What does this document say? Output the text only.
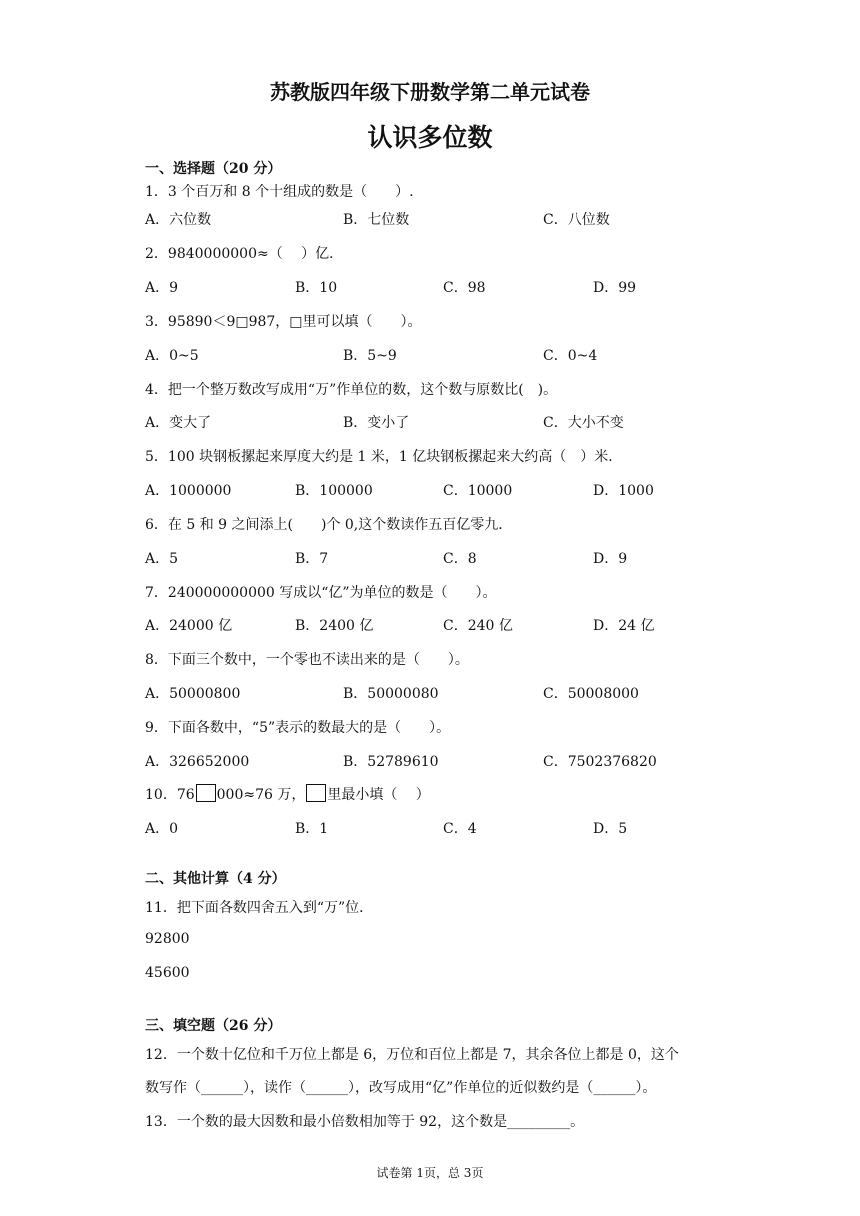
苏教版四年级下册数学第二单元试卷
认识多位数
一、选择题（20 分）
1．3 个百万和 8 个十组成的数是（　　）.
A．六位数	B．七位数	C．八位数
2．9840000000≈（　 ）亿．
A．9	B．10	C．98	D．99
3．95890＜9□987，□里可以填（　　）。
A．0~5	B．5~9	C．0~4
4．把一个整万数改写成用“万”作单位的数，这个数与原数比(　)。
A．变大了	B．变小了	C．大小不变
5．100 块钢板摞起来厚度大约是 1 米，1 亿块钢板摞起来大约高（　）米．
A．1000000	B．100000	C．10000	D．1000
6．在 5 和 9 之间添上(　　)个 0,这个数读作五百亿零九．
A．5	B．7	C．8	D．9
7．240000000000 写成以“亿”为单位的数是（　　）。
A．24000 亿	B．2400 亿	C．240 亿	D．24 亿
8．下面三个数中，一个零也不读出来的是（　　）。
A．50000800	B．50000080	C．50008000
9．下面各数中，“5”表示的数最大的是（　　）。
A．326652000	B．52789610	C．7502376820
10．76 000≈76 万， 里最小填（　 ）
A．0	B．1	C．4	D．5
二、其他计算（4 分）
11．把下面各数四舍五入到“万”位．
92800
45600
三、填空题（26 分）
12．一个数十亿位和千万位上都是 6，万位和百位上都是 7，其余各位上都是 0，这个
数写作（______），读作（______），改写成用“亿”作单位的近似数约是（______）。
13．一个数的最大因数和最小倍数相加等于 92，这个数是_________。
试卷第 1页，总 3页
